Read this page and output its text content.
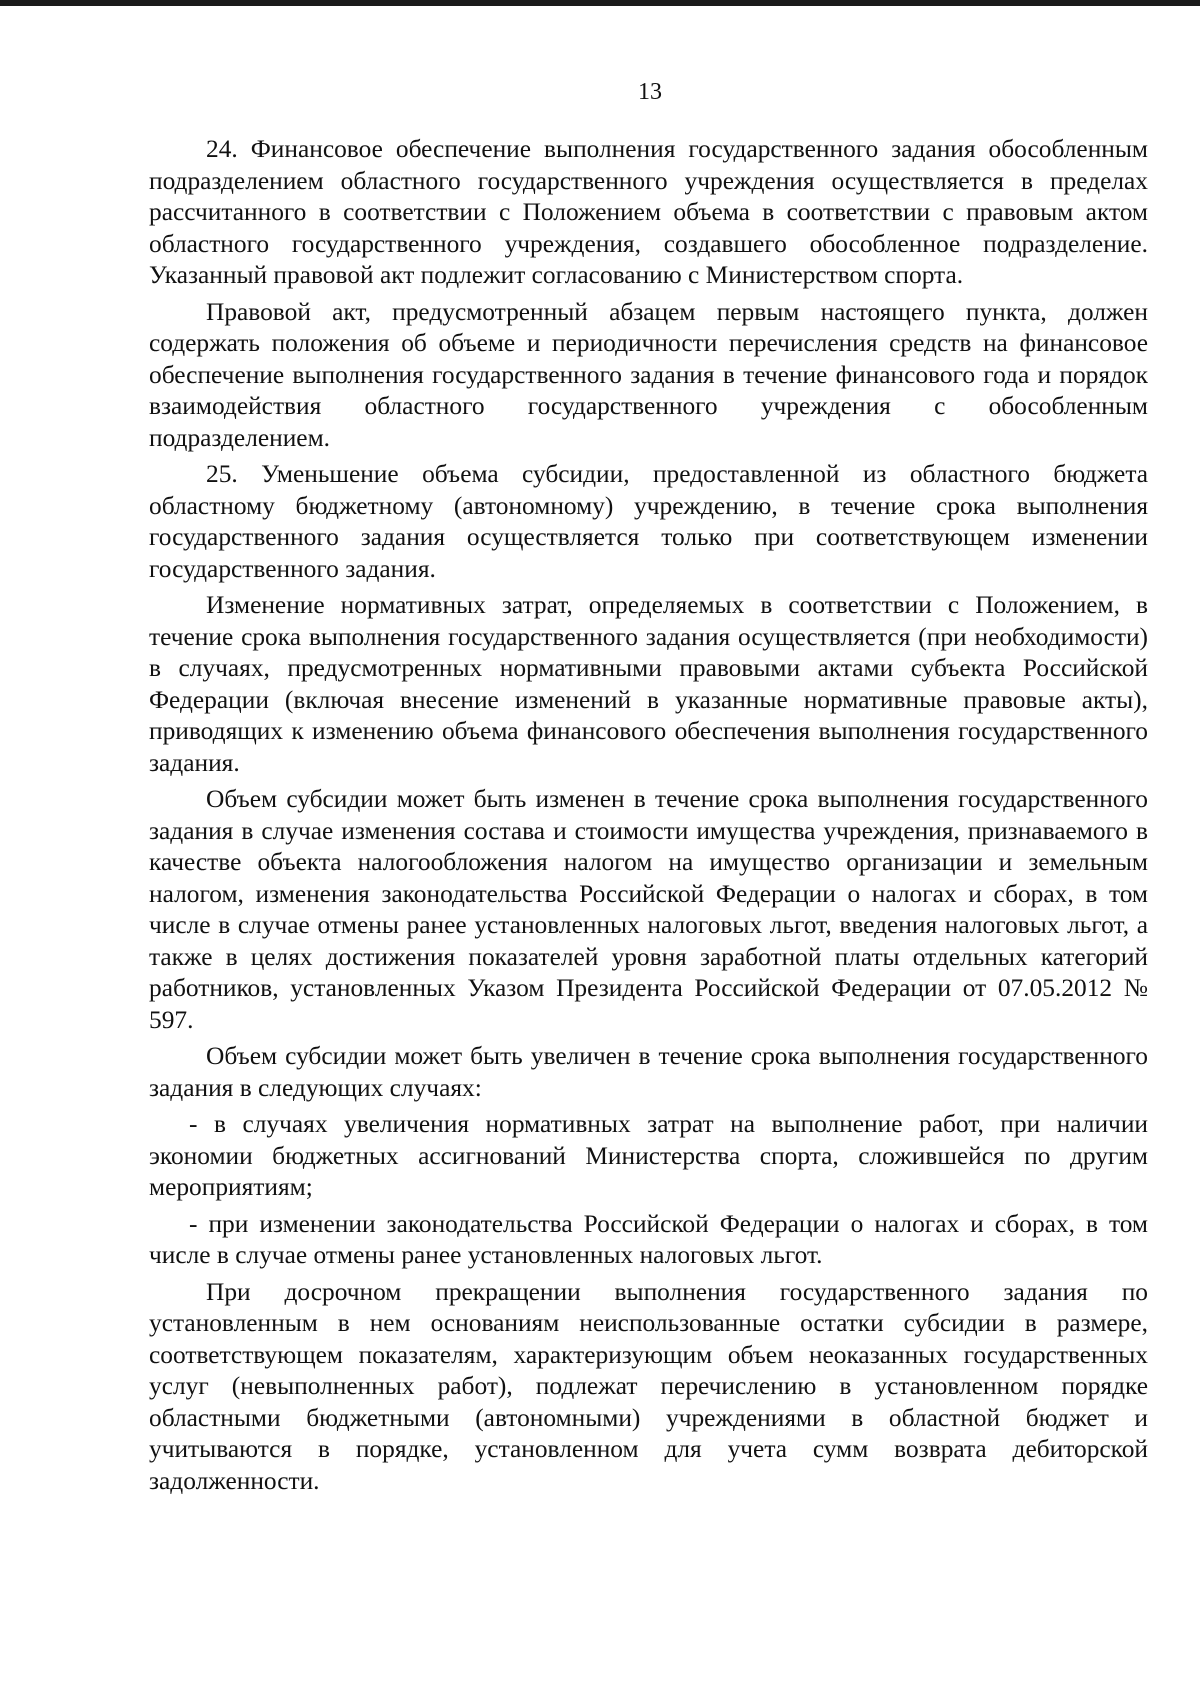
13

24. Финансовое обеспечение выполнения государственного задания обособленным подразделением областного государственного учреждения осуществляется в пределах рассчитанного в соответствии с Положением объема в соответствии с правовым актом областного государственного учреждения, создавшего обособленное подразделение. Указанный правовой акт подлежит согласованию с Министерством спорта.

Правовой акт, предусмотренный абзацем первым настоящего пункта, должен содержать положения об объеме и периодичности перечисления средств на финансовое обеспечение выполнения государственного задания в течение финансового года и порядок взаимодействия областного государственного учреждения с обособленным подразделением.

25. Уменьшение объема субсидии, предоставленной из областного бюджета областному бюджетному (автономному) учреждению, в течение срока выполнения государственного задания осуществляется только при соответствующем изменении государственного задания.

Изменение нормативных затрат, определяемых в соответствии с Положением, в течение срока выполнения государственного задания осуществляется (при необходимости) в случаях, предусмотренных нормативными правовыми актами субъекта Российской Федерации (включая внесение изменений в указанные нормативные правовые акты), приводящих к изменению объема финансового обеспечения выполнения государственного задания.

Объем субсидии может быть изменен в течение срока выполнения государственного задания в случае изменения состава и стоимости имущества учреждения, признаваемого в качестве объекта налогообложения налогом на имущество организации и земельным налогом, изменения законодательства Российской Федерации о налогах и сборах, в том числе в случае отмены ранее установленных налоговых льгот, введения налоговых льгот, а также в целях достижения показателей уровня заработной платы отдельных категорий работников, установленных Указом Президента Российской Федерации от 07.05.2012 № 597.

Объем субсидии может быть увеличен в течение срока выполнения государственного задания в следующих случаях:

- в случаях увеличения нормативных затрат на выполнение работ, при наличии экономии бюджетных ассигнований Министерства спорта, сложившейся по другим мероприятиям;

- при изменении законодательства Российской Федерации о налогах и сборах, в том числе в случае отмены ранее установленных налоговых льгот.

При досрочном прекращении выполнения государственного задания по установленным в нем основаниям неиспользованные остатки субсидии в размере, соответствующем показателям, характеризующим объем неоказанных государственных услуг (невыполненных работ), подлежат перечислению в установленном порядке областными бюджетными (автономными) учреждениями в областной бюджет и учитываются в порядке, установленном для учета сумм возврата дебиторской задолженности.
